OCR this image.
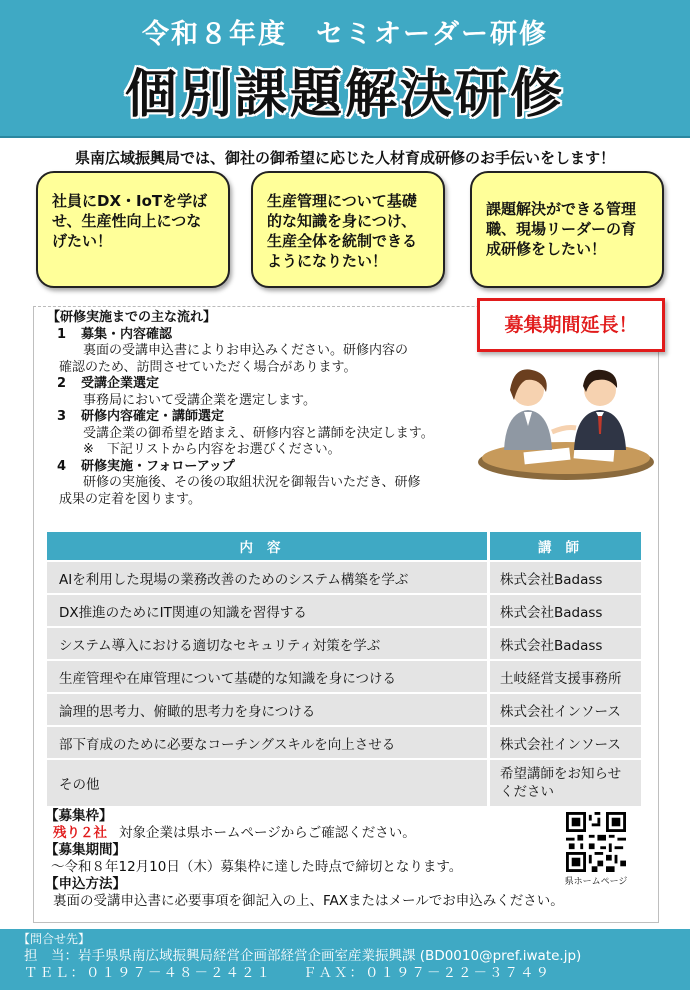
令和８年度　セミオーダー研修
個別課題解決研修
県南広域振興局では、御社の御希望に応じた人材育成研修のお手伝いをします！
社員にDX・IoTを学ばせ、生産性向上につなげたい！
生産管理について基礎的な知識を身につけ、生産全体を統制できるようになりたい！
課題解決ができる管理職、現場リーダーの育成研修をしたい！
【研修実施までの主な流れ】
1 募集・内容確認
裏面の受講申込書によりお申込みください。研修内容の
確認のため、訪問させていただく場合があります。
2 受講企業選定
事務局において受講企業を選定します。
3 研修内容確定・講師選定
受講企業の御希望を踏まえ、研修内容と講師を決定します。
※　下記リストから内容をお選びください。
4 研修実施・フォローアップ
研修の実施後、その後の取組状況を御報告いただき、研修
成果の定着を図ります。
募集期間延長！
内容	講師
AIを利用した現場の業務改善のためのシステム構築を学ぶ	株式会社Badass
DX推進のためにIT関連の知識を習得する	株式会社Badass
システム導入における適切なセキュリティ対策を学ぶ	株式会社Badass
生産管理や在庫管理について基礎的な知識を身につける	土岐経営支援事務所
論理的思考力、俯瞰的思考力を身につける	株式会社インソース
部下育成のために必要なコーチングスキルを向上させる	株式会社インソース
その他	希望講師をお知らせください
【募集枠】
残り２社 対象企業は県ホームページからご確認ください。
【募集期間】
～令和８年12月10日（木）募集枠に達した時点で締切となります。
【申込方法】
裏面の受講申込書に必要事項を御記入の上、FAXまたはメールでお申込みください。
県ホームページ
【問合せ先】
担　当：岩手県県南広域振興局経営企画部経営企画室産業振興課 (BD0010@pref.iwate.jp)
ＴＥＬ：０１９７－４８－２４２１　　ＦＡＸ：０１９７－２２－３７４９
